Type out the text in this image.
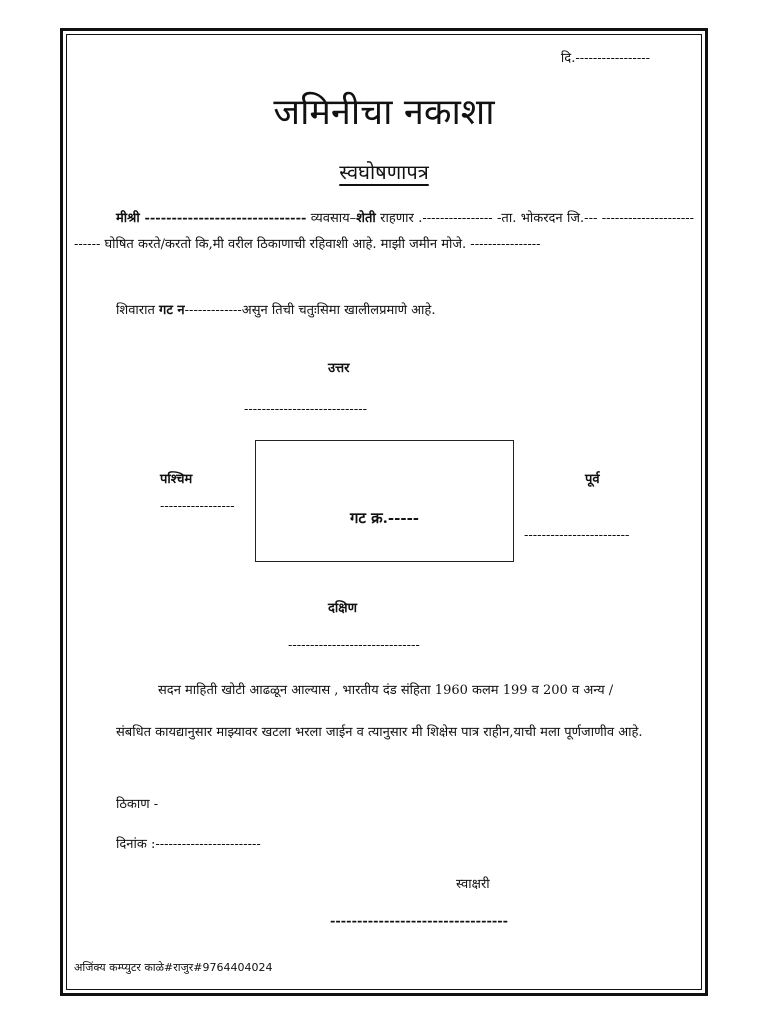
दि.-----------------
जमिनीचा नकाशा
स्वघोषणापत्र
मीश्री ------------------------------ व्यवसाय–शेती राहणार .---------------- -ता. भोकरदन जि.--- --------------------------- घोषित करते/करतो कि,मी वरील ठिकाणाची रहिवाशी आहे. माझी जमीन मोजे. ----------------
शिवारात गट न-------------असुन तिची चतुःसिमा खालीलप्रमाणे आहे.
उत्तर
----------------------------
पश्चिम
-----------------
पूर्व
------------------------
गट क्र.-----
दक्षिण
------------------------------
सदन माहिती खोटी आढळून आल्यास , भारतीय दंड संहिता 1960 कलम 199 व 200 व अन्य /
संबधित कायद्यानुसार माझ्यावर खटला भरला जाईन व त्यानुसार मी शिक्षेस पात्र राहीन,याची मला पूर्णजाणीव आहे.
ठिकाण -
दिनांक :------------------------
स्वाक्षरी
---------------------------------
अजिंक्य कम्प्युटर काळे#राजुर#9764404024
